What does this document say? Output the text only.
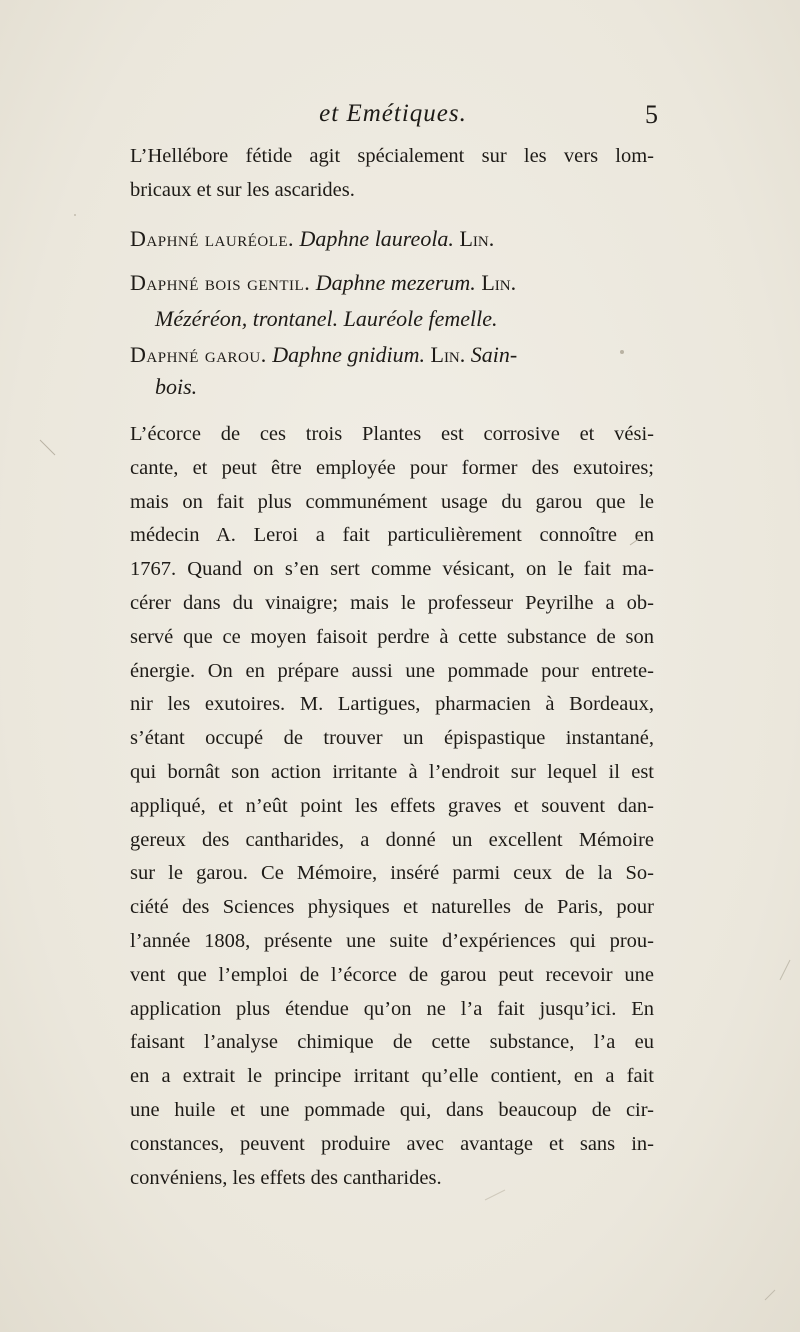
et Emétiques.	5
L’Hellébore fétide agit spécialement sur les vers lom-
bricaux et sur les ascarides.
Daphné lauréole. Daphne laureola. Lin.
Daphné bois gentil. Daphne mezerum. Lin.
Mézéréon, trontanel. Lauréole femelle.
Daphné garou. Daphne gnidium. Lin. Sain-
bois.
L’écorce de ces trois Plantes est corrosive et vési-
cante, et peut être employée pour former des exutoires;
mais on fait plus communément usage du garou que le
médecin A. Leroi a fait particulièrement connoître en
1767. Quand on s’en sert comme vésicant, on le fait ma-
cérer dans du vinaigre; mais le professeur Peyrilhe a ob-
servé que ce moyen faisoit perdre à cette substance de son
énergie. On en prépare aussi une pommade pour entrete-
nir les exutoires. M. Lartigues, pharmacien à Bordeaux,
s’étant occupé de trouver un épispastique instantané,
qui bornât son action irritante à l’endroit sur lequel il est
appliqué, et n’eût point les effets graves et souvent dan-
gereux des cantharides, a donné un excellent Mémoire
sur le garou. Ce Mémoire, inséré parmi ceux de la So-
ciété des Sciences physiques et naturelles de Paris, pour
l’année 1808, présente une suite d’expériences qui prou-
vent que l’emploi de l’écorce de garou peut recevoir une
application plus étendue qu’on ne l’a fait jusqu’ici. En
faisant l’analyse chimique de cette substance, l’a eu
en a extrait le principe irritant qu’elle contient, en a fait
une huile et une pommade qui, dans beaucoup de cir-
constances, peuvent produire avec avantage et sans in-
convéniens, les effets des cantharides.
